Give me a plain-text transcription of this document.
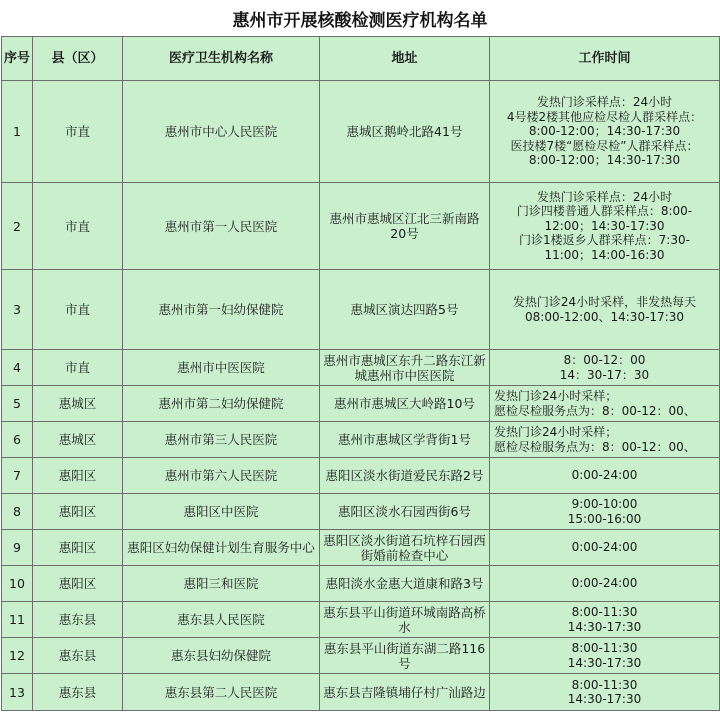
惠州市开展核酸检测医疗机构名单
序号	县（区）	医疗卫生机构名称	地址	工作时间
1	市直	惠州市中心人民医院	惠城区鹅岭北路41号	发热门诊采样点：24小时
4号楼2楼其他应检尽检人群采样点：
8:00-12:00；14:30-17:30
医技楼7楼“愿检尽检”人群采样点：
8:00-12:00；14:30-17:30

2	市直	惠州市第一人民医院	惠州市惠城区江北三新南路20号	发热门诊采样点：24小时
门诊四楼普通人群采样点：8:00-
12:00；14:30-17:30
门诊1楼返乡人群采样点：7:30-
11:00；14:00-16:30

3	市直	惠州市第一妇幼保健院	惠城区演达四路5号	发热门诊24小时采样，非发热每天
08:00-12:00、14:30-17:30

4	市直	惠州市中医医院	惠州市惠城区东升二路东江新城惠州市中医医院	8：00-12：00
14：30-17：30

5	惠城区	惠州市第二妇幼保健院	惠州市惠城区大岭路10号	发热门诊24小时采样；
愿检尽检服务点为：8：00-12：00、

6	惠城区	惠州市第三人民医院	惠州市惠城区学背街1号	发热门诊24小时采样；
愿检尽检服务点为：8：00-12：00、

7	惠阳区	惠州市第六人民医院	惠阳区淡水街道爱民东路2号	0:00-24:00

8	惠阳区	惠阳区中医院	惠阳区淡水石园西街6号	9:00-10:00
15:00-16:00

9	惠阳区	惠阳区妇幼保健计划生育服务中心	惠阳区淡水街道石坑梓石园西街婚前检查中心	0:00-24:00

10	惠阳区	惠阳三和医院	惠阳淡水金惠大道康和路3号	0:00-24:00

11	惠东县	惠东县人民医院	惠东县平山街道环城南路高桥水	8:00-11:30
14:30-17:30

12	惠东县	惠东县妇幼保健院	惠东县平山街道东湖二路116号	8:00-11:30
14:30-17:30

13	惠东县	惠东县第二人民医院	惠东县吉隆镇埔仔村广汕路边	8:00-11:30
14:30-17:30
